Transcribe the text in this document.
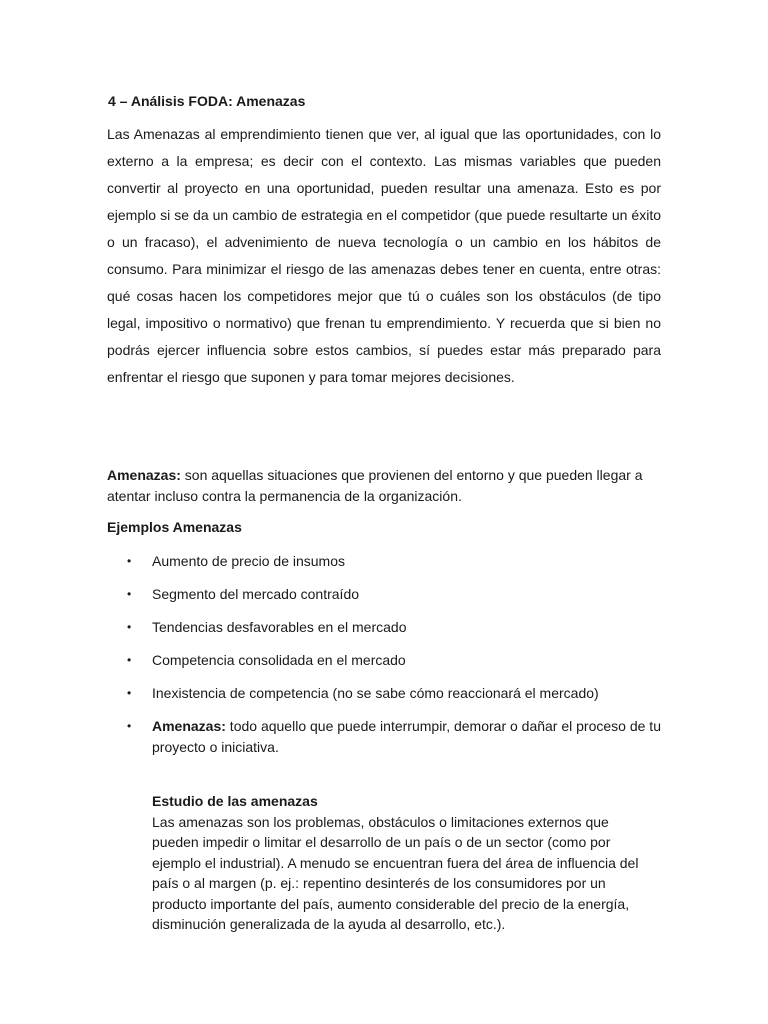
4 – Análisis FODA: Amenazas

Las Amenazas al emprendimiento tienen que ver, al igual que las oportunidades, con lo externo a la empresa; es decir con el contexto. Las mismas variables que pueden convertir al proyecto en una oportunidad, pueden resultar una amenaza. Esto es por ejemplo si se da un cambio de estrategia en el competidor (que puede resultarte un éxito o un fracaso), el advenimiento de nueva tecnología o un cambio en los hábitos de consumo. Para minimizar el riesgo de las amenazas debes tener en cuenta, entre otras: qué cosas hacen los competidores mejor que tú o cuáles son los obstáculos (de tipo legal, impositivo o normativo) que frenan tu emprendimiento. Y recuerda que si bien no podrás ejercer influencia sobre estos cambios, sí puedes estar más preparado para enfrentar el riesgo que suponen y para tomar mejores decisiones.

Amenazas: son aquellas situaciones que provienen del entorno y que pueden llegar a atentar incluso contra la permanencia de la organización.

Ejemplos Amenazas
• Aumento de precio de insumos
• Segmento del mercado contraído
• Tendencias desfavorables en el mercado
• Competencia consolidada en el mercado
• Inexistencia de competencia (no se sabe cómo reaccionará el mercado)
• Amenazas: todo aquello que puede interrumpir, demorar o dañar el proceso de tu proyecto o iniciativa.

Estudio de las amenazas

Las amenazas son los problemas, obstáculos o limitaciones externos que pueden impedir o limitar el desarrollo de un país o de un sector (como por ejemplo el industrial). A menudo se encuentran fuera del área de influencia del país o al margen (p. ej.: repentino desinterés de los consumidores por un producto importante del país, aumento considerable del precio de la energía, disminución generalizada de la ayuda al desarrollo, etc.).
